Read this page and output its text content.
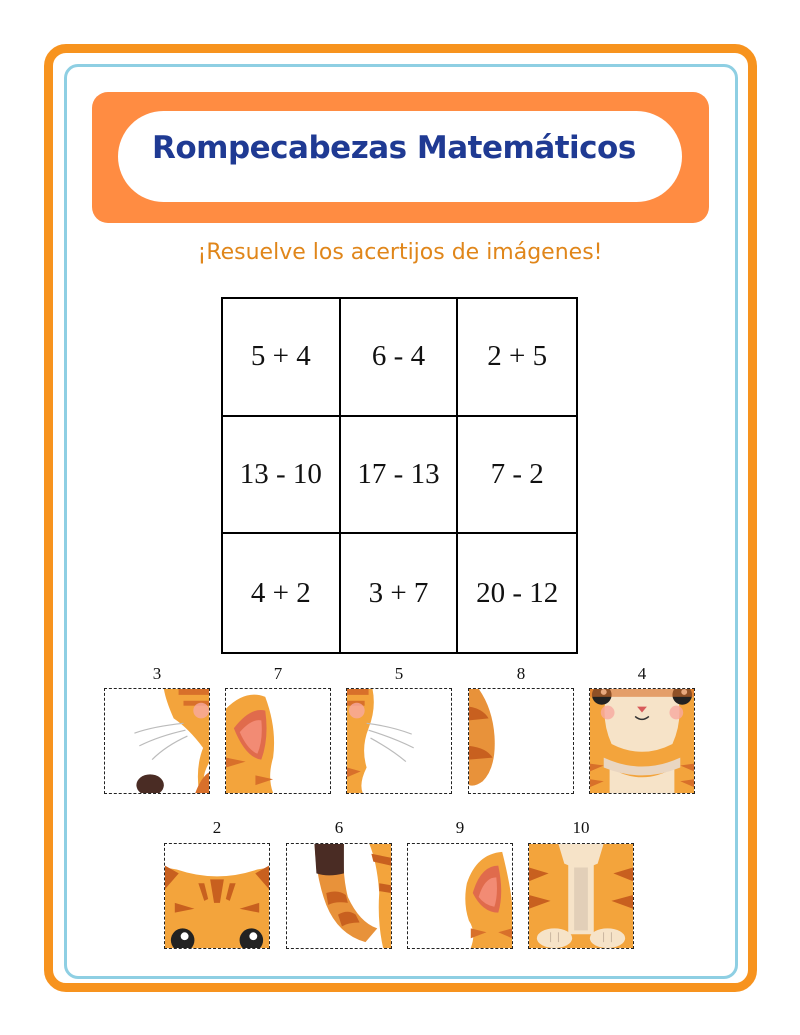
Rompecabezas Matemáticos
¡Resuelve los acertijos de imágenes!
5 + 4	6 - 4	2 + 5
13 - 10	17 - 13	7 - 2
4 + 2	3 + 7	20 - 12
3	7	5	8	4
2	6	9	10
